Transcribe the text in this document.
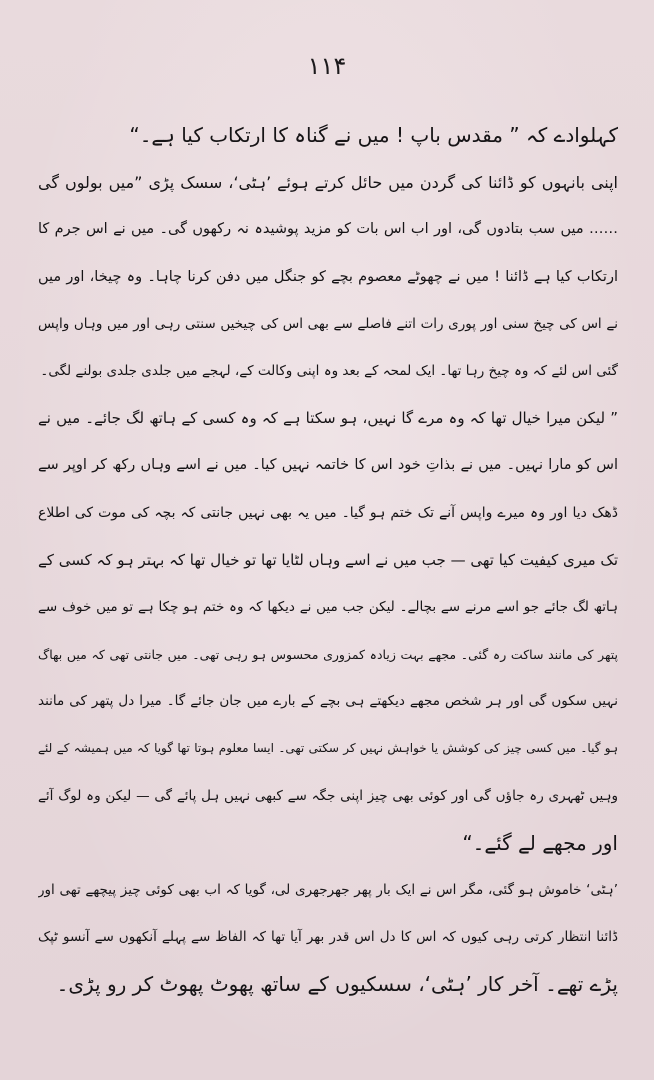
۱۱۴
کہلوادے کہ ” مقدس باپ ! میں نے گناہ کا ارتکاب کیا ہے۔“
اپنی بانہوں کو ڈائنا کی گردن میں حائل کرتے ہوئے ’ہٹی‘، سسک پڑی ”میں بولوں گی
…… میں سب بتادوں گی، اور اب اس بات کو مزید پوشیدہ نہ رکھوں گی۔ میں نے اس جرم کا
ارتکاب کیا ہے ڈائنا ! میں نے چھوٹے معصوم بچے کو جنگل میں دفن کرنا چاہا۔ وہ چیخا، اور میں
نے اس کی چیخ سنی اور پوری رات اتنے فاصلے سے بھی اس کی چیخیں سنتی رہی اور میں وہاں واپس
گئی اس لئے کہ وہ چیخ رہا تھا۔ ایک لمحہ کے بعد وہ اپنی وکالت کے، لہجے میں جلدی جلدی بولنے لگی۔
” لیکن میرا خیال تھا کہ وہ مرے گا نہیں، ہو سکتا ہے کہ وہ کسی کے ہاتھ لگ جائے۔ میں نے
اس کو مارا نہیں۔ میں نے بذاتِ خود اس کا خاتمہ نہیں کیا۔ میں نے اسے وہاں رکھ کر اوپر سے
ڈھک دیا اور وہ میرے واپس آنے تک ختم ہو گیا۔ میں یہ بھی نہیں جانتی کہ بچہ کی موت کی اطلاع
تک میری کیفیت کیا تھی — جب میں نے اسے وہاں لٹایا تھا تو خیال تھا کہ بہتر ہو کہ کسی کے
ہاتھ لگ جائے جو اسے مرنے سے بچالے۔ لیکن جب میں نے دیکھا کہ وہ ختم ہو چکا ہے تو میں خوف سے
پتھر کی مانند ساکت رہ گئی۔ مجھے بہت زیادہ کمزوری محسوس ہو رہی تھی۔ میں جانتی تھی کہ میں بھاگ
نہیں سکوں گی اور ہر شخص مجھے دیکھتے ہی بچے کے بارے میں جان جائے گا۔ میرا دل پتھر کی مانند
ہو گیا۔ میں کسی چیز کی کوشش یا خواہش نہیں کر سکتی تھی۔ ایسا معلوم ہوتا تھا گویا کہ میں ہمیشہ کے لئے
وہیں ٹھہری رہ جاؤں گی اور کوئی بھی چیز اپنی جگہ سے کبھی نہیں ہل پائے گی — لیکن وہ لوگ آئے
اور مجھے لے گئے۔“
’ہٹی‘ خاموش ہو گئی، مگر اس نے ایک بار پھر جھرجھری لی، گویا کہ اب بھی کوئی چیز پیچھے تھی اور
ڈائنا انتظار کرتی رہی کیوں کہ اس کا دل اس قدر بھر آیا تھا کہ الفاظ سے پہلے آنکھوں سے آنسو ٹپک
پڑے تھے۔ آخر کار ’ہٹی‘، سسکیوں کے ساتھ پھوٹ پھوٹ کر رو پڑی۔
